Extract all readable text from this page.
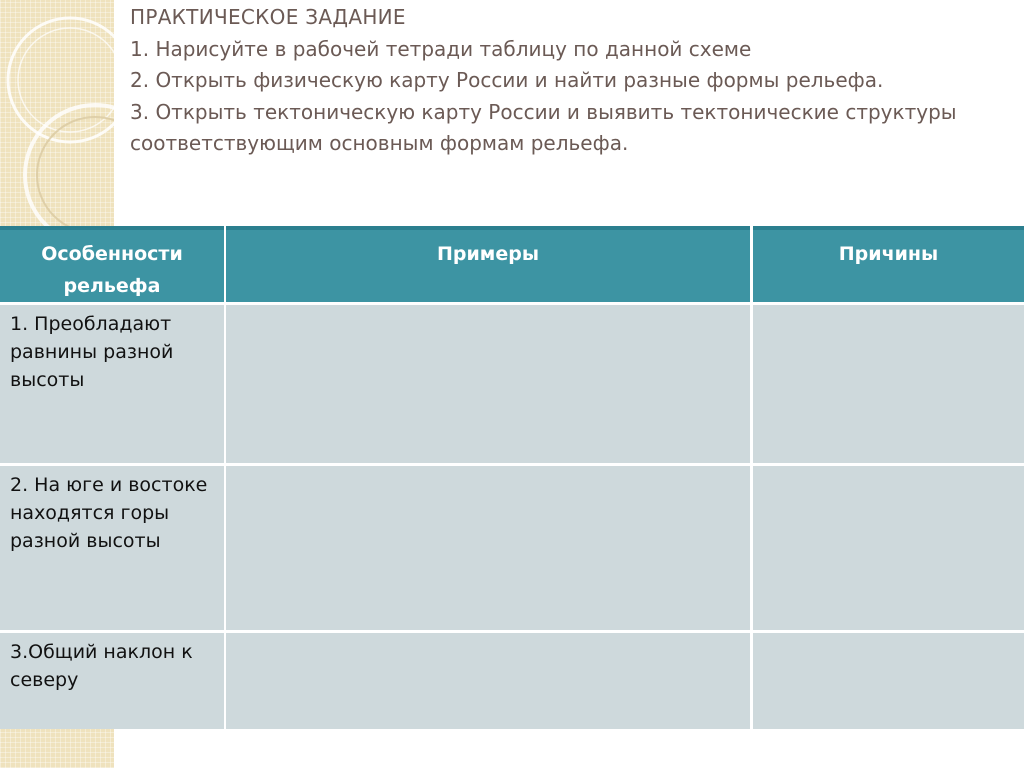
ПРАКТИЧЕСКОЕ ЗАДАНИЕ
1. Нарисуйте в рабочей тетради таблицу по данной схеме
2. Открыть физическую карту России и найти разные формы рельефа.
3. Открыть тектоническую карту России и выявить тектонические структуры
соответствующим основным формам рельефа.
Особенности рельефа
Примеры	Причины
1. Преобладают равнины разной высоты
2. На юге и востоке находятся горы разной высоты
3.Общий наклон к северу
